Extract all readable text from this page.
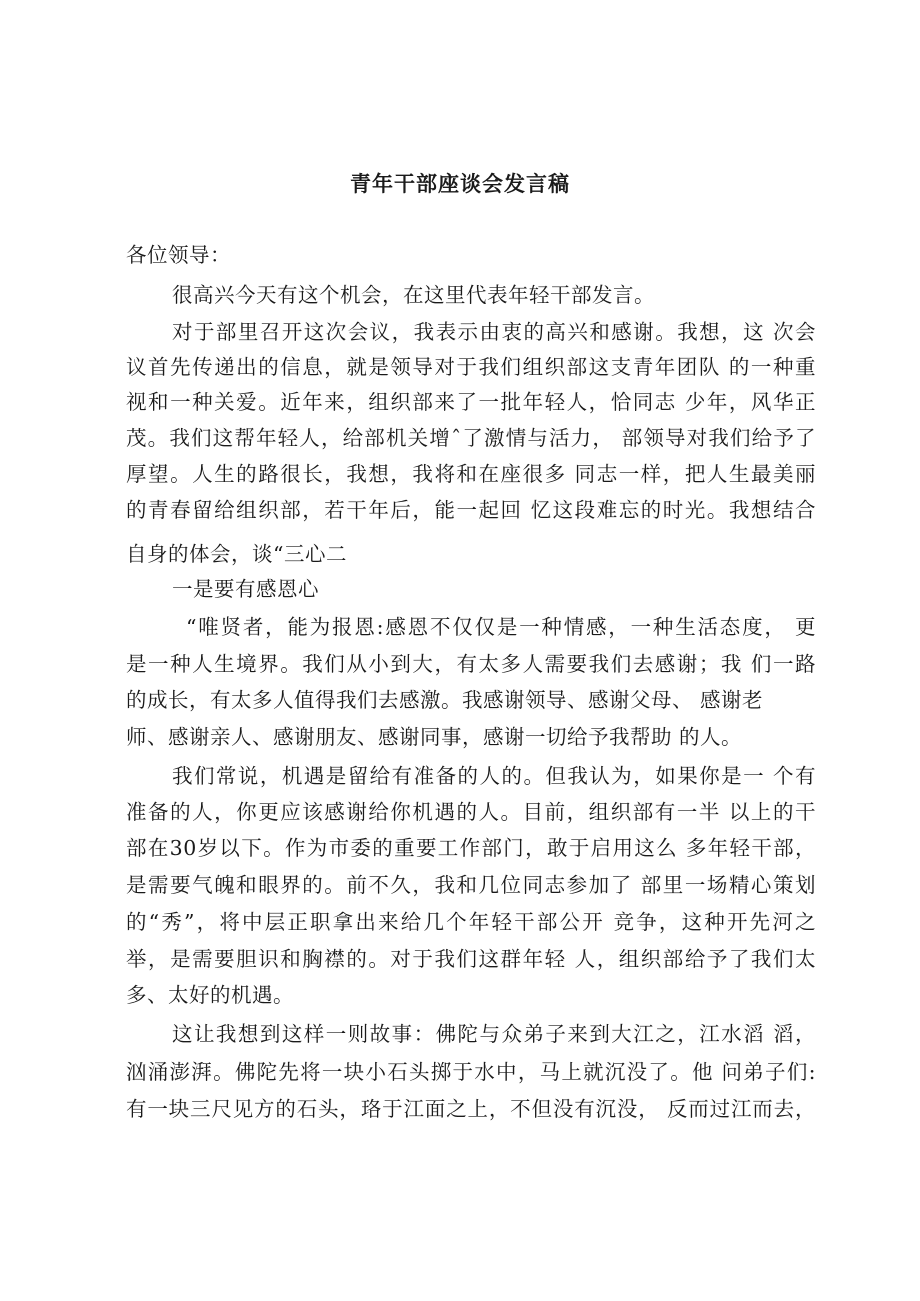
青年干部座谈会发言稿
各位领导：
很高兴今天有这个机会，在这里代表年轻干部发言。
对于部里召开这次会议，我表示由衷的高兴和感谢。我想，这 次会
议首先传递出的信息，就是领导对于我们组织部这支青年团队 的一种重
视和一种关爱。近年来，组织部来了一批年轻人，恰同志 少年，风华正
茂。我们这帮年轻人，给部机关增ˆ了激情与活力， 部领导对我们给予了
厚望。人生的路很长，我想，我将和在座很多 同志一样，把人生最美丽
的青春留给组织部，若干年后，能一起回 忆这段难忘的时光。我想结合
自身的体会，谈“三心二
一是要有感恩心
“唯贤者，能为报恩:感恩不仅仅是一种情感，一种生活态度， 更
是一种人生境界。我们从小到大，有太多人需要我们去感谢；我 们一路
的成长，有太多人值得我们去感激。我感谢领导、感谢父母、 感谢老
师、感谢亲人、感谢朋友、感谢同事，感谢一切给予我帮助 的人。
我们常说，机遇是留给有准备的人的。但我认为，如果你是一 个有
准备的人，你更应该感谢给你机遇的人。目前，组织部有一半 以上的干
部在30岁以下。作为市委的重要工作部门，敢于启用这么 多年轻干部，
是需要气魄和眼界的。前不久，我和几位同志参加了 部里一场精心策划
的“秀”，将中层正职拿出来给几个年轻干部公开 竞争，这种开先河之
举，是需要胆识和胸襟的。对于我们这群年轻 人，组织部给予了我们太
多、太好的机遇。
这让我想到这样一则故事：佛陀与众弟子来到大江之，江水滔 滔，
汹涌澎湃。佛陀先将一块小石头掷于水中，马上就沉没了。他 问弟子们:
有一块三尺见方的石头，珞于江面之上，不但没有沉没， 反而过江而去，
